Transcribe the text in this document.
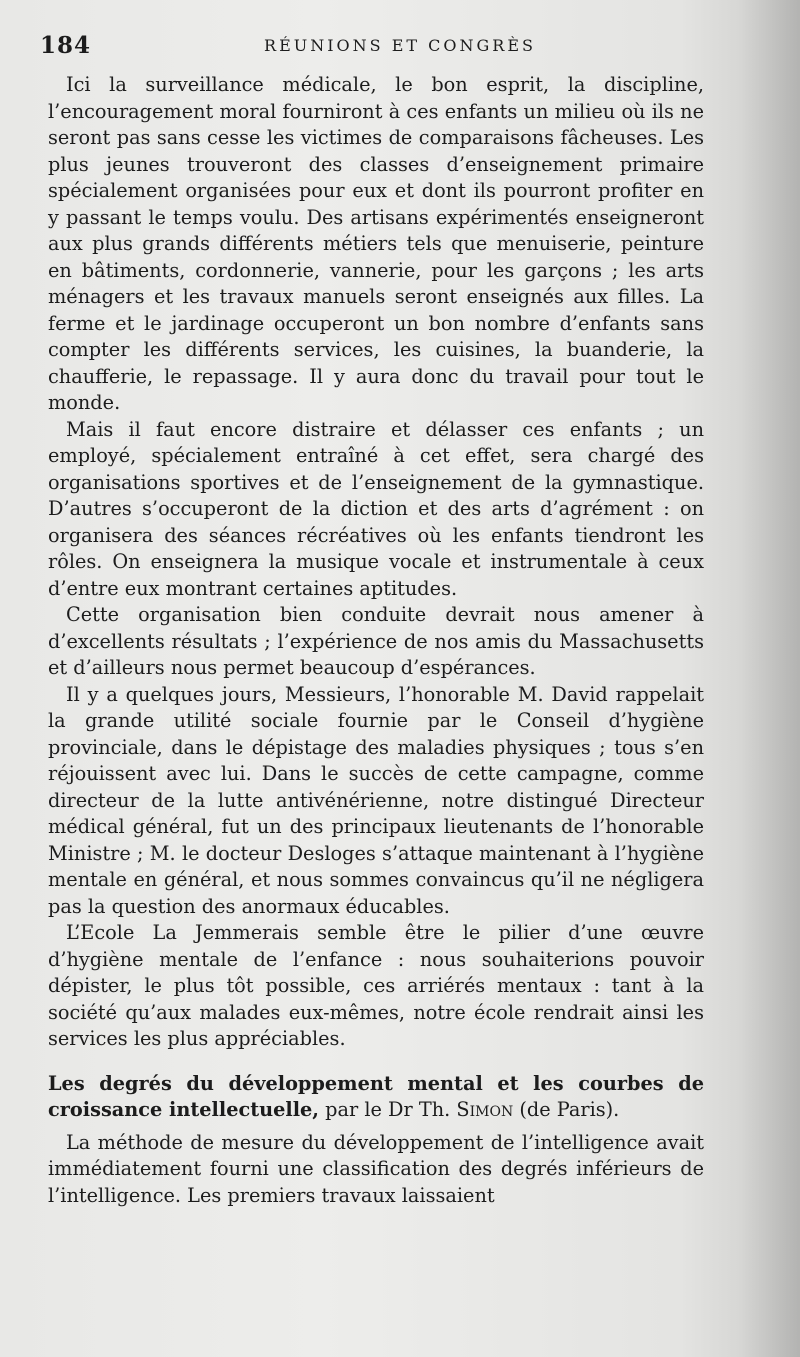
184	RÉUNIONS ET CONGRÈS

Ici la surveillance médicale, le bon esprit, la discipline, l’encouragement moral fourniront à ces enfants un milieu où ils ne seront pas sans cesse les victimes de comparaisons fâcheuses. Les plus jeunes trouveront des classes d’enseignement primaire spécialement organisées pour eux et dont ils pourront profiter en y passant le temps voulu. Des artisans expérimentés enseigneront aux plus grands différents métiers tels que menuiserie, peinture en bâtiments, cordonnerie, vannerie, pour les garçons ; les arts ménagers et les travaux manuels seront enseignés aux filles. La ferme et le jardinage occuperont un bon nombre d’enfants sans compter les différents services, les cuisines, la buanderie, la chaufferie, le repassage. Il y aura donc du travail pour tout le monde.

Mais il faut encore distraire et délasser ces enfants ; un employé, spécialement entraîné à cet effet, sera chargé des organisations sportives et de l’enseignement de la gymnastique. D’autres s’occuperont de la diction et des arts d’agrément : on organisera des séances récréatives où les enfants tiendront les rôles. On enseignera la musique vocale et instrumentale à ceux d’entre eux montrant certaines aptitudes.

Cette organisation bien conduite devrait nous amener à d’excellents résultats ; l’expérience de nos amis du Massachusetts et d’ailleurs nous permet beaucoup d’espérances.

Il y a quelques jours, Messieurs, l’honorable M. David rappelait la grande utilité sociale fournie par le Conseil d’hygiène provinciale, dans le dépistage des maladies physiques ; tous s’en réjouissent avec lui. Dans le succès de cette campagne, comme directeur de la lutte antivénérienne, notre distingué Directeur médical général, fut un des principaux lieutenants de l’honorable Ministre ; M. le docteur Desloges s’attaque maintenant à l’hygiène mentale en général, et nous sommes convaincus qu’il ne négligera pas la question des anormaux éducables.

L’Ecole La Jemmerais semble être le pilier d’une œuvre d’hygiène mentale de l’enfance : nous souhaiterions pouvoir dépister, le plus tôt possible, ces arriérés mentaux : tant à la société qu’aux malades eux-mêmes, notre école rendrait ainsi les services les plus appréciables.

Les degrés du développement mental et les courbes de croissance intellectuelle, par le Dr Th. Simon (de Paris).

La méthode de mesure du développement de l’intelligence avait immédiatement fourni une classification des degrés inférieurs de l’intelligence. Les premiers travaux laissaient
